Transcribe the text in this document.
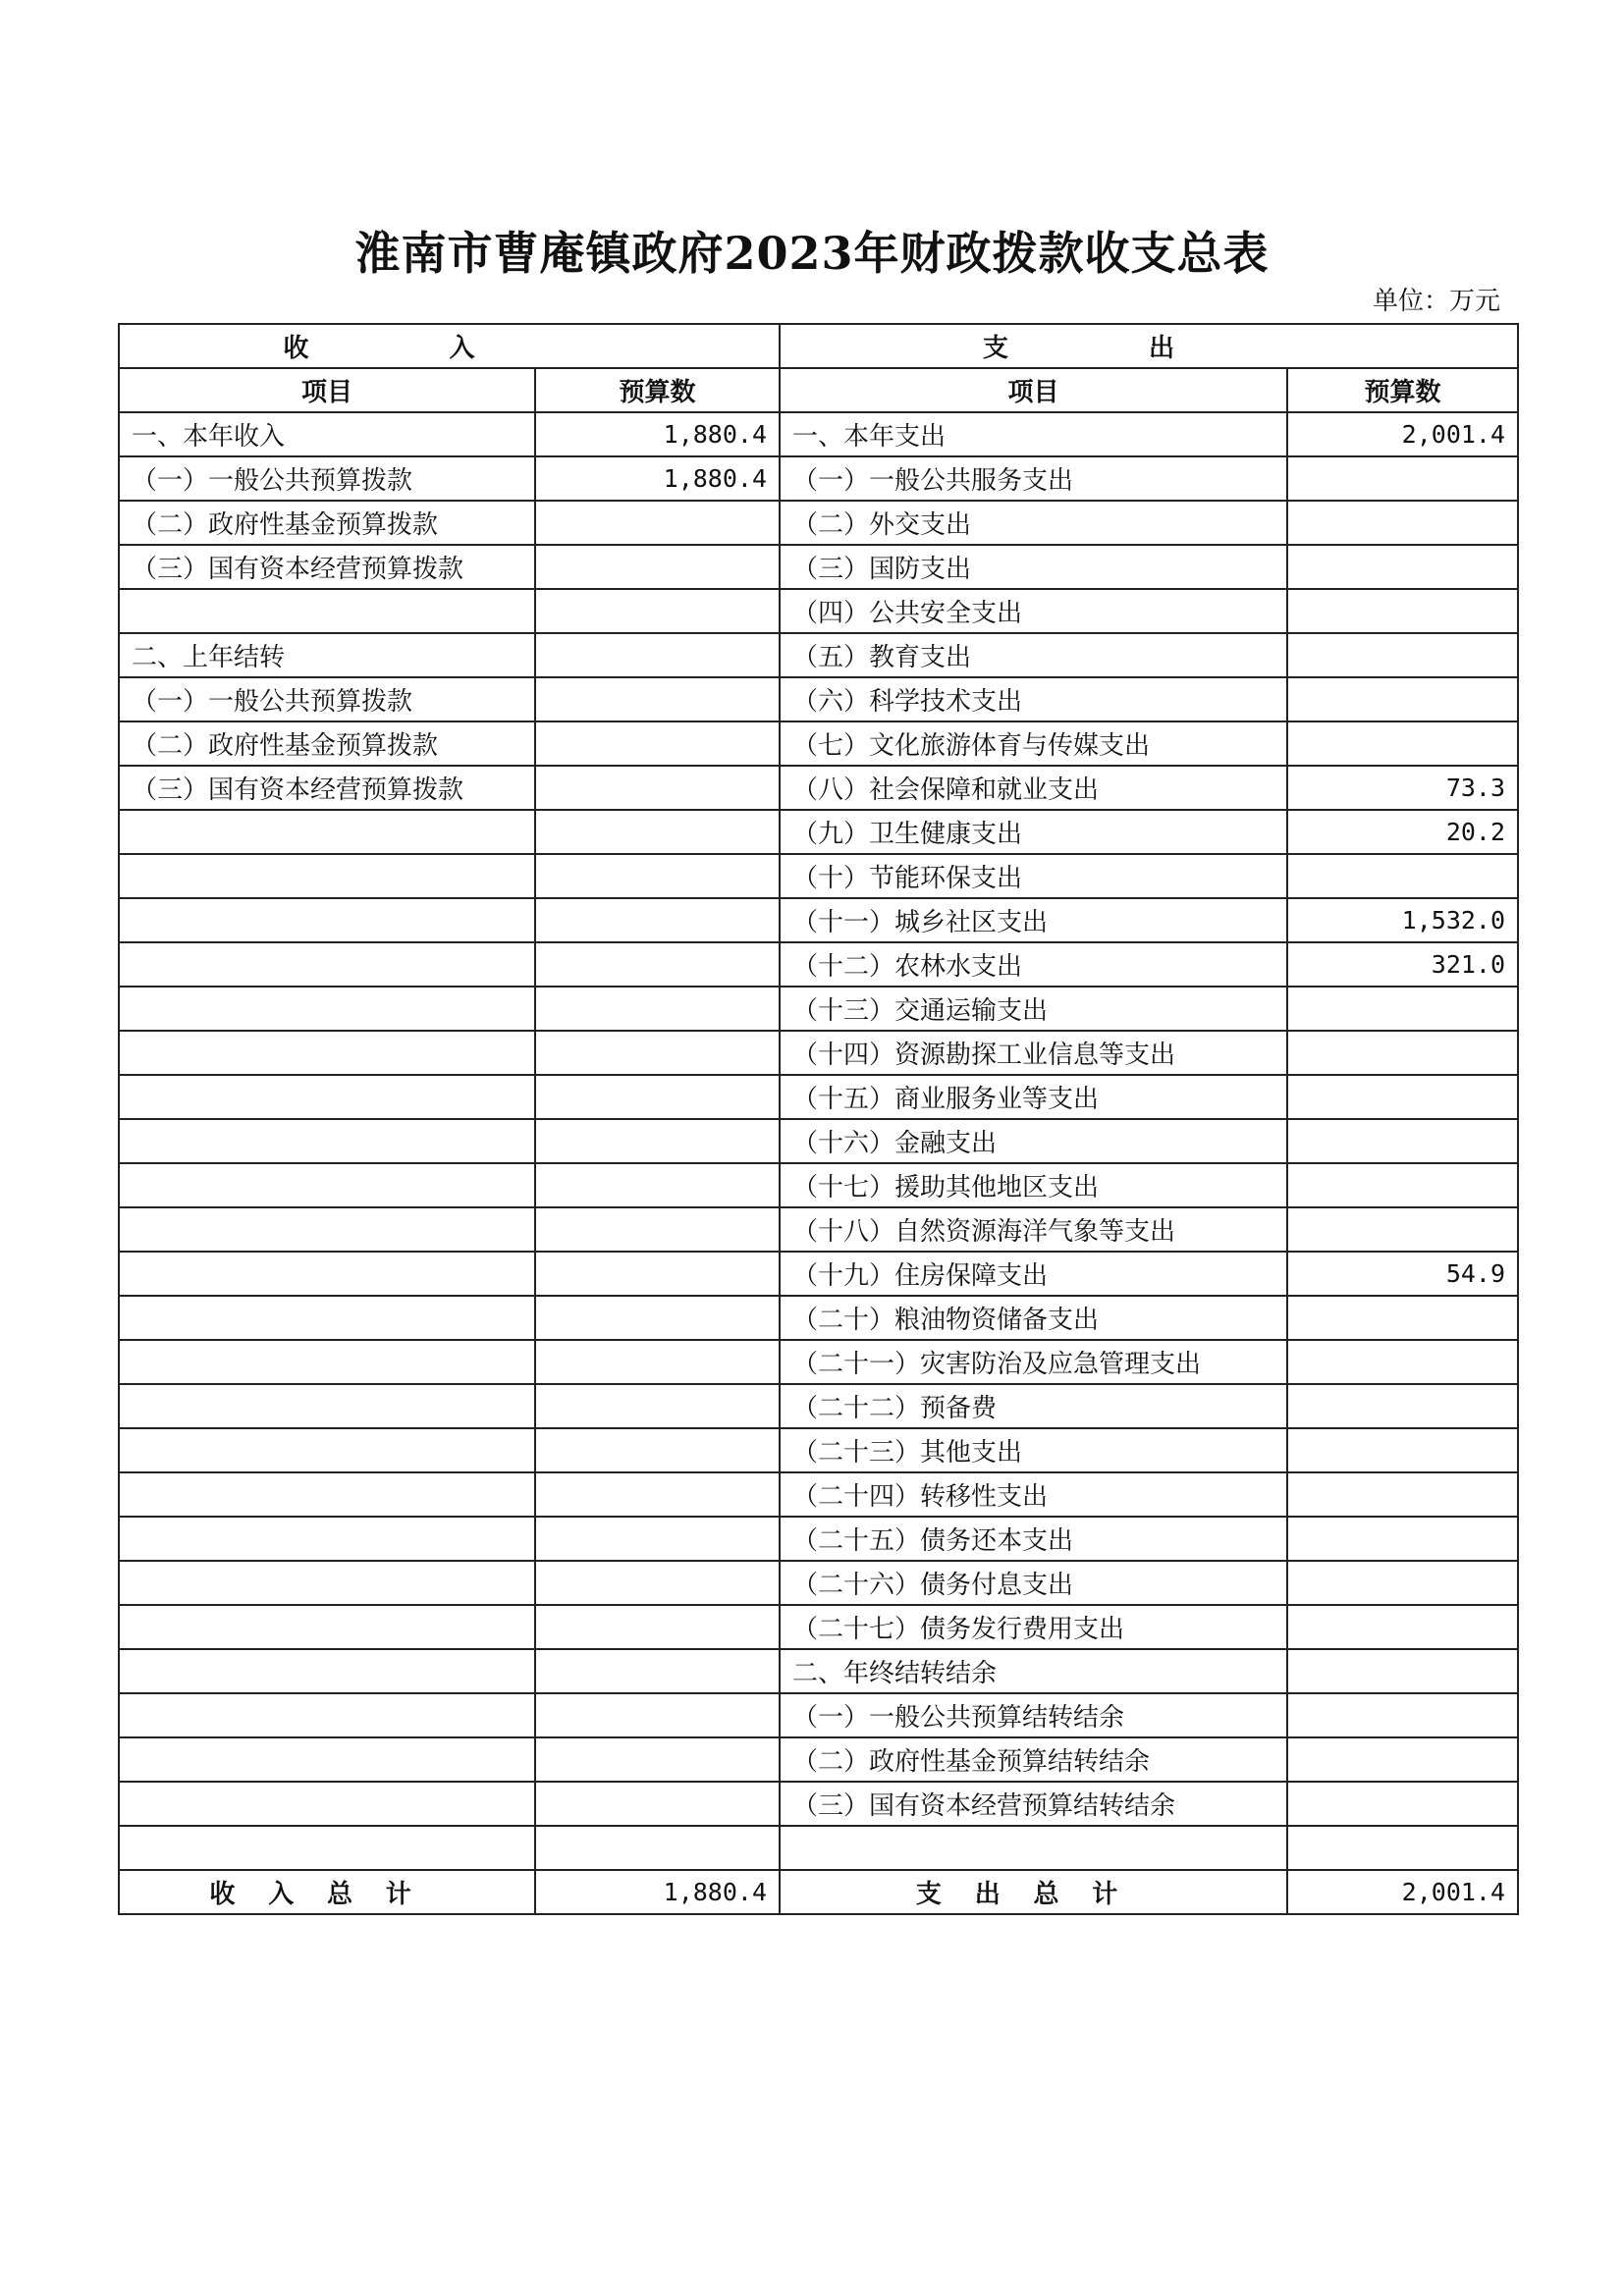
淮南市曹庵镇政府2023年财政拨款收支总表
单位：万元
收入		支出	
项目	预算数	项目	预算数
一、本年收入	1,880.4	一、本年支出	2,001.4
（一）一般公共预算拨款	1,880.4	（一）一般公共服务支出	
（二）政府性基金预算拨款		（二）外交支出	
（三）国有资本经营预算拨款		（三）国防支出	
		（四）公共安全支出	
二、上年结转		（五）教育支出	
（一）一般公共预算拨款		（六）科学技术支出	
（二）政府性基金预算拨款		（七）文化旅游体育与传媒支出	
（三）国有资本经营预算拨款		（八）社会保障和就业支出	73.3
		（九）卫生健康支出	20.2
		（十）节能环保支出	
		（十一）城乡社区支出	1,532.0
		（十二）农林水支出	321.0
		（十三）交通运输支出	
		（十四）资源勘探工业信息等支出	
		（十五）商业服务业等支出	
		（十六）金融支出	
		（十七）援助其他地区支出	
		（十八）自然资源海洋气象等支出	
		（十九）住房保障支出	54.9
		（二十）粮油物资储备支出	
		（二十一）灾害防治及应急管理支出	
		（二十二）预备费	
		（二十三）其他支出	
		（二十四）转移性支出	
		（二十五）债务还本支出	
		（二十六）债务付息支出	
		（二十七）债务发行费用支出	
		二、年终结转结余	
		（一）一般公共预算结转结余	
		（二）政府性基金预算结转结余	
		（三）国有资本经营预算结转结余	

收入总计	1,880.4	支出总计	2,001.4
